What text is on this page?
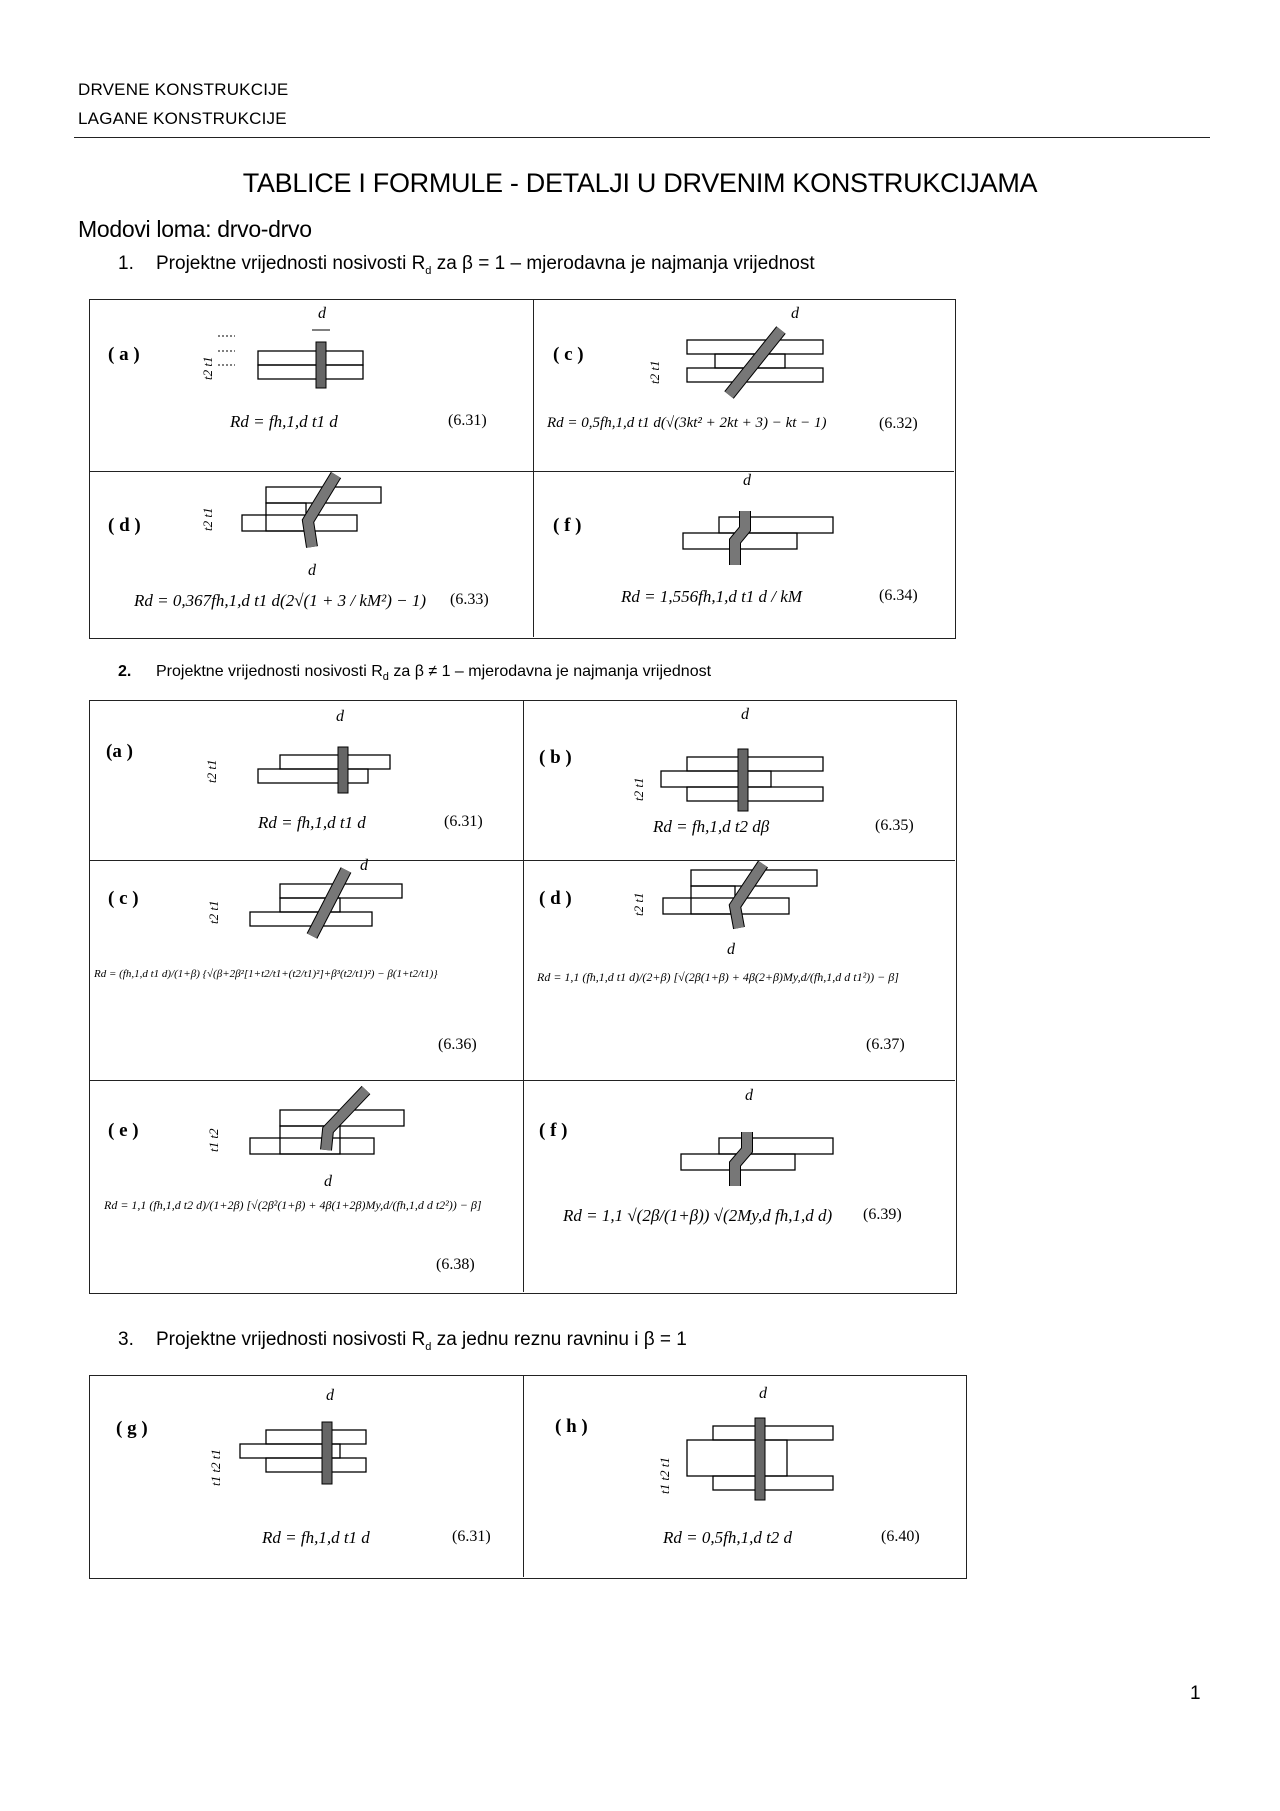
DRVENE KONSTRUKCIJE
LAGANE KONSTRUKCIJE
TABLICE I FORMULE - DETALJI U DRVENIM KONSTRUKCIJAMA
Modovi loma: drvo-drvo
1. Projektne vrijednosti nosivosti $R_d$ za β = 1 – mjerodavna je najmanja vrijednost
( a )
d
t2 t1
Rd = fh,1,d t1 d	(6.31)
( c )
d
t2 t1
Rd = 0,5fh,1,d t1 d(√(3kt² + 2kt + 3) − kt − 1)	(6.32)
( d )
d
t2 t1
Rd = 0,367fh,1,d t1 d(2√(1 + 3 / kM²) − 1) (6.33)
( f )
d
Rd = 1,556fh,1,d t1 d / kM	(6.34)
2. Projektne vrijednosti nosivosti $R_d$ za β ≠ 1 – mjerodavna je najmanja vrijednost
(a )
d
t2 t1
Rd = fh,1,d t1 d	(6.31)
( b )
d
t2 t1
Rd = fh,1,d t2 dβ	(6.35)
( c )
d
t2 t1
Rd = (fh,1,d t1 d)/(1+β) {√(β+2β²[1+t2/t1+(t2/t1)²]+β³(t2/t1)²) − β(1+t2/t1)}
(6.36)
( d )
d
t2 t1
Rd = 1,1 (fh,1,d t1 d)/(2+β) [√(2β(1+β) + 4β(2+β)My,d/(fh,1,d d t1²)) − β]
(6.37)
( e )
d
t1 t2
Rd = 1,1 (fh,1,d t2 d)/(1+2β) [√(2β²(1+β) + 4β(1+2β)My,d/(fh,1,d d t2²)) − β]
(6.38)
( f )
d
Rd = 1,1 √(2β/(1+β)) √(2My,d fh,1,d d) (6.39)
3. Projektne vrijednosti nosivosti $R_d$ za jednu reznu ravninu i β = 1
( g )
d
t1 t2 t1
Rd = fh,1,d t1 d	(6.31)
( h )
d
t1 t2 t1
Rd = 0,5fh,1,d t2 d	(6.40)
1
